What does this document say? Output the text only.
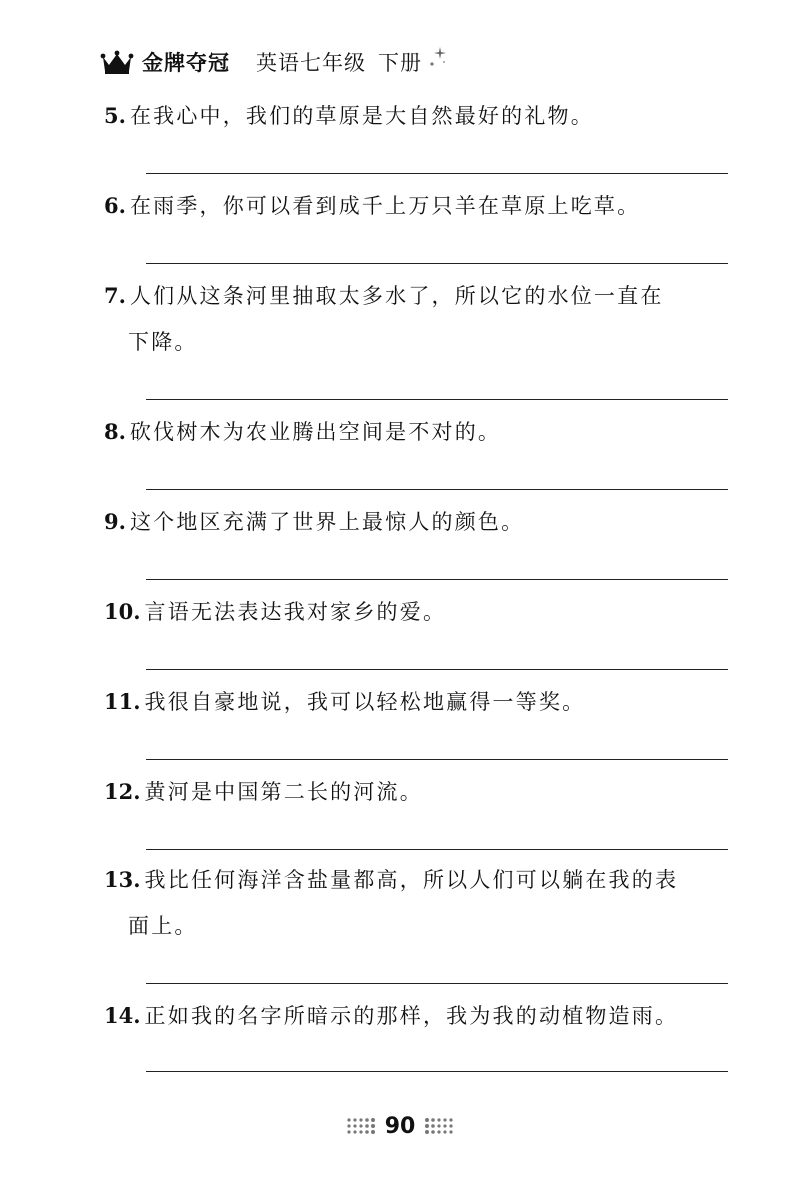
金牌夺冠 英语七年级 下册
5. 在我心中，我们的草原是大自然最好的礼物。
6. 在雨季，你可以看到成千上万只羊在草原上吃草。
7. 人们从这条河里抽取太多水了，所以它的水位一直在
下降。
8. 砍伐树木为农业腾出空间是不对的。
9. 这个地区充满了世界上最惊人的颜色。
10. 言语无法表达我对家乡的爱。
11. 我很自豪地说，我可以轻松地赢得一等奖。
12. 黄河是中国第二长的河流。
13. 我比任何海洋含盐量都高，所以人们可以躺在我的表
面上。
14. 正如我的名字所暗示的那样，我为我的动植物造雨。
90
